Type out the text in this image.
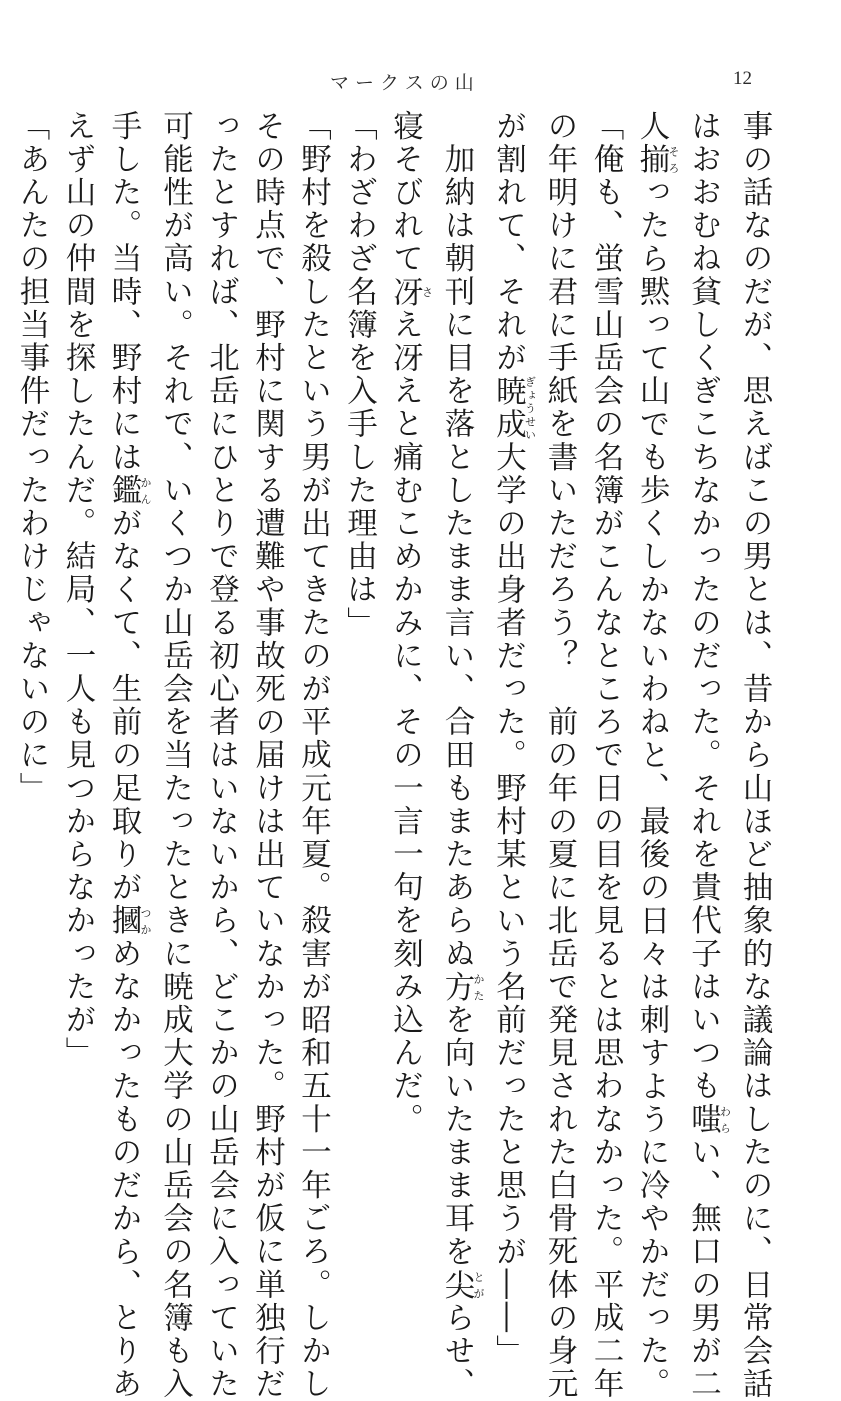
マークスの山	12
事の話なのだが、思えばこの男とは、昔から山ほど抽象的な議論はしたのに、日常会話
はおおむね貧しくぎこちなかったのだった。それを貴代子はいつも嗤わらい、無口の男が二
人揃そろったら黙って山でも歩くしかないわねと、最後の日々は刺すように冷やかだった。
「俺も、蛍雪山岳会の名簿がこんなところで日の目を見るとは思わなかった。平成二年
の年明けに君に手紙を書いただろう？　前の年の夏に北岳で発見された白骨死体の身元
が割れて、それが暁成ぎょうせい大学の出身者だった。野村某という名前だったと思うが――」
　加納は朝刊に目を落としたまま言い、合田もまたあらぬ方かたを向いたまま耳を尖とがらせ、
寝そびれて冴さえ冴えと痛むこめかみに、その一言一句を刻み込んだ。
「わざわざ名簿を入手した理由は」
「野村を殺したという男が出てきたのが平成元年夏。殺害が昭和五十一年ごろ。しかし
その時点で、野村に関する遭難や事故死の届けは出ていなかった。野村が仮に単独行だ
ったとすれば、北岳にひとりで登る初心者はいないから、どこかの山岳会に入っていた
可能性が高い。それで、いくつか山岳会を当たったときに暁成大学の山岳会の名簿も入
手した。当時、野村には鑑かんがなくて、生前の足取りが摑つかめなかったものだから、とりあ
えず山の仲間を探したんだ。結局、一人も見つからなかったが」
「あんたの担当事件だったわけじゃないのに」
